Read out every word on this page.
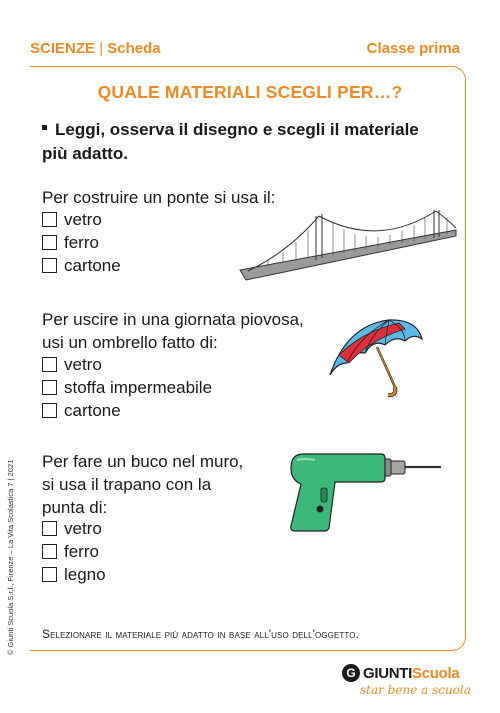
SCIENZE | Scheda	Classe prima
QUALE MATERIALI SCEGLI PER…?
Leggi, osserva il disegno e scegli il materiale più adatto.
Per costruire un ponte si usa il:
vetro
ferro
cartone
Per uscire in una giornata piovosa,
usi un ombrello fatto di:
vetro
stoffa impermeabile
cartone
Per fare un buco nel muro,
si usa il trapano con la
punta di:
vetro
ferro
legno
Selezionare il materiale più adatto in base all'uso dell'oggetto.
© Giunti Scuola S.r.l., Firenze – La Vita Scolastica 7 | 2021
G GIUNTI Scuola
star bene a scuola
